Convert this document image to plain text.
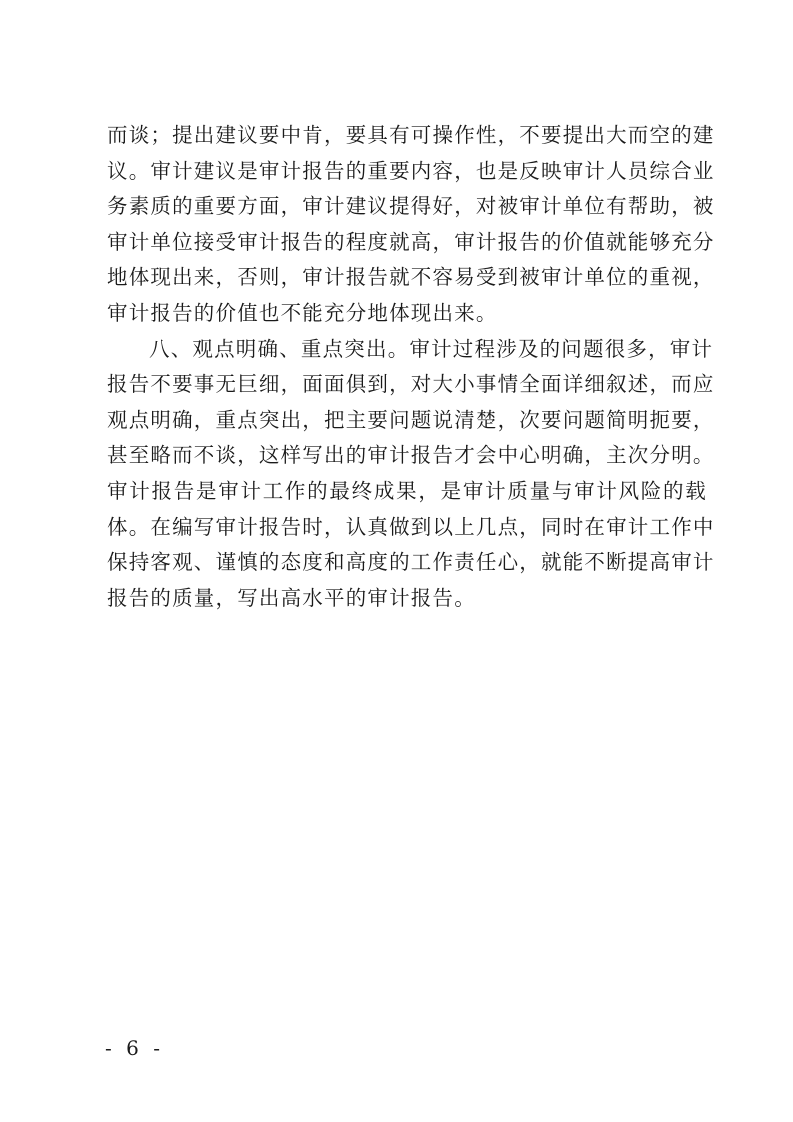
而谈；提出建议要中肯，要具有可操作性，不要提出大而空的建
议。审计建议是审计报告的重要内容，也是反映审计人员综合业
务素质的重要方面，审计建议提得好，对被审计单位有帮助，被
审计单位接受审计报告的程度就高，审计报告的价值就能够充分
地体现出来，否则，审计报告就不容易受到被审计单位的重视，
审计报告的价值也不能充分地体现出来。
八、观点明确、重点突出。审计过程涉及的问题很多，审计
报告不要事无巨细，面面俱到，对大小事情全面详细叙述，而应
观点明确，重点突出，把主要问题说清楚，次要问题简明扼要，
甚至略而不谈，这样写出的审计报告才会中心明确，主次分明。
审计报告是审计工作的最终成果，是审计质量与审计风险的载
体。在编写审计报告时，认真做到以上几点，同时在审计工作中
保持客观、谨慎的态度和高度的工作责任心，就能不断提高审计
报告的质量，写出高水平的审计报告。
- 6 -
